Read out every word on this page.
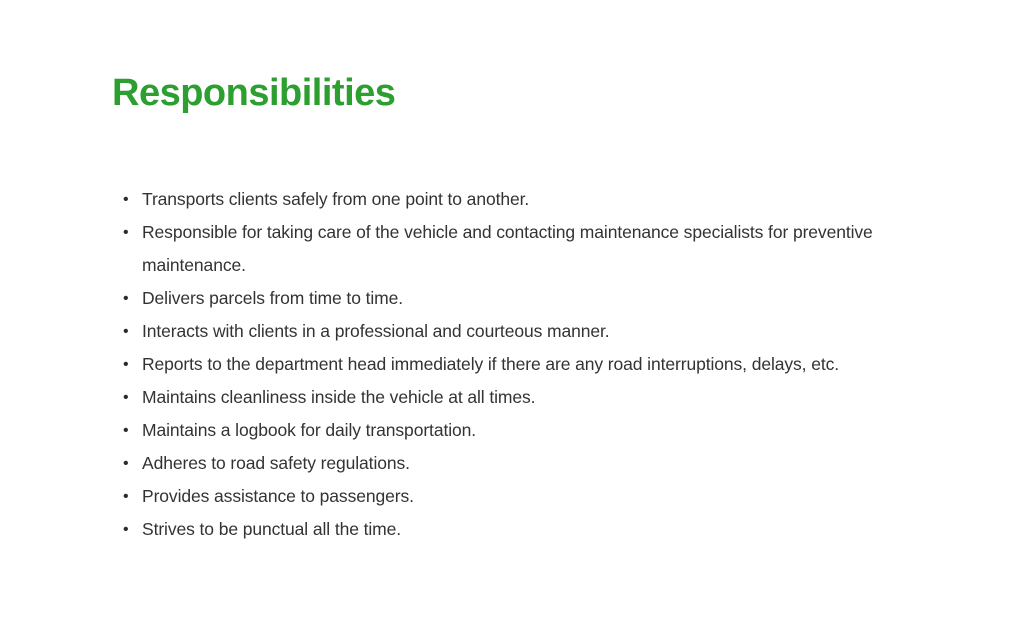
Responsibilities
• Transports clients safely from one point to another.
• Responsible for taking care of the vehicle and contacting maintenance specialists for preventive maintenance.
• Delivers parcels from time to time.
• Interacts with clients in a professional and courteous manner.
• Reports to the department head immediately if there are any road interruptions, delays, etc.
• Maintains cleanliness inside the vehicle at all times.
• Maintains a logbook for daily transportation.
• Adheres to road safety regulations.
• Provides assistance to passengers.
• Strives to be punctual all the time.
